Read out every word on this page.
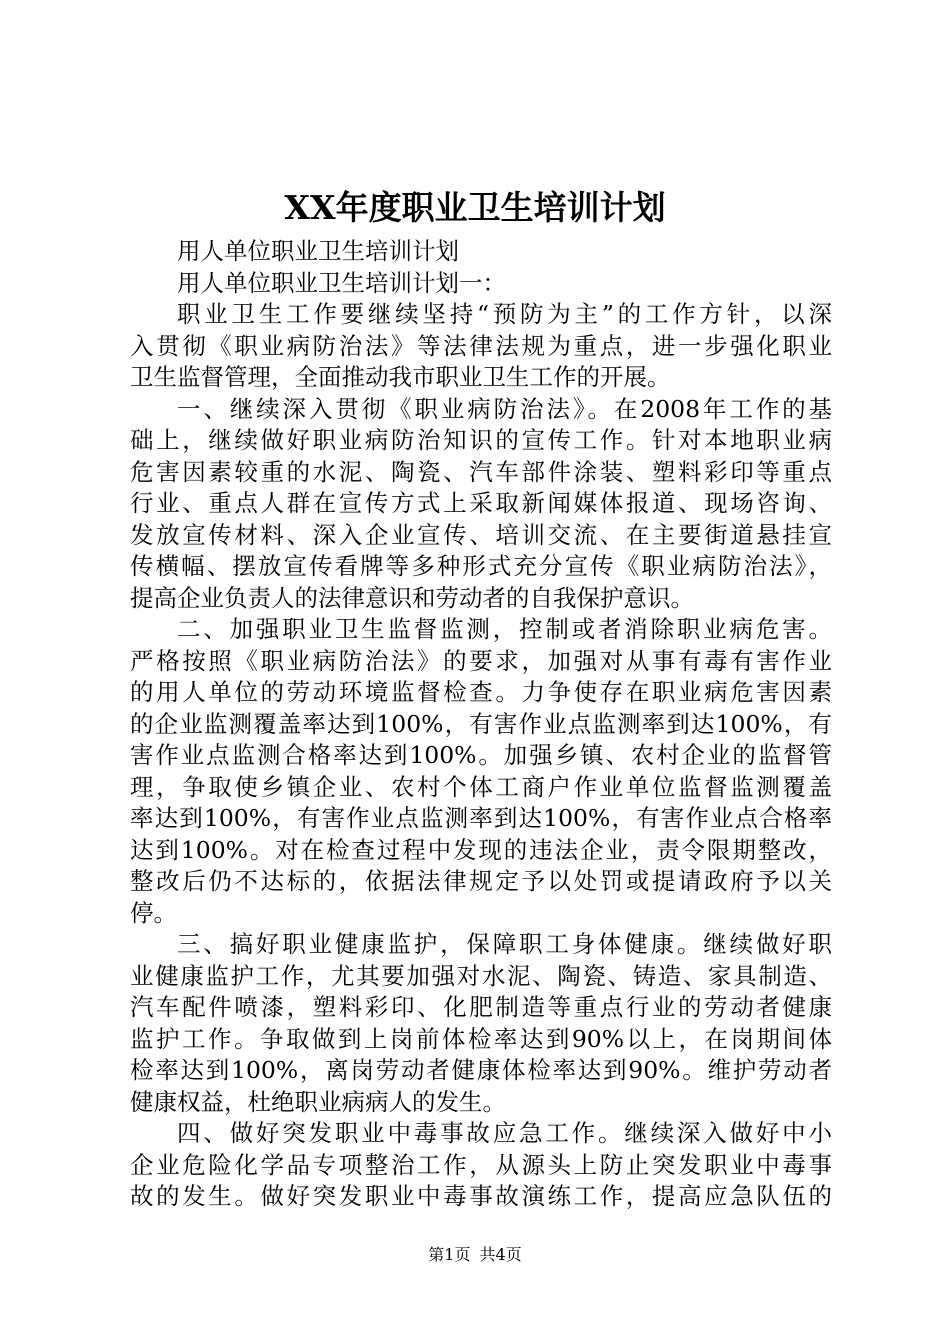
XX年度职业卫生培训计划
用人单位职业卫生培训计划
用人单位职业卫生培训计划一：
职业卫生工作要继续坚持“预防为主”的工作方针，以深
入贯彻《职业病防治法》等法律法规为重点，进一步强化职业
卫生监督管理，全面推动我市职业卫生工作的开展。
一、继续深入贯彻《职业病防治法》。在2008年工作的基
础上，继续做好职业病防治知识的宣传工作。针对本地职业病
危害因素较重的水泥、陶瓷、汽车部件涂装、塑料彩印等重点
行业、重点人群在宣传方式上采取新闻媒体报道、现场咨询、
发放宣传材料、深入企业宣传、培训交流、在主要街道悬挂宣
传横幅、摆放宣传看牌等多种形式充分宣传《职业病防治法》，
提高企业负责人的法律意识和劳动者的自我保护意识。
二、加强职业卫生监督监测，控制或者消除职业病危害。
严格按照《职业病防治法》的要求，加强对从事有毒有害作业
的用人单位的劳动环境监督检查。力争使存在职业病危害因素
的企业监测覆盖率达到100%，有害作业点监测率到达100%，有
害作业点监测合格率达到100%。加强乡镇、农村企业的监督管
理，争取使乡镇企业、农村个体工商户作业单位监督监测覆盖
率达到100%，有害作业点监测率到达100%，有害作业点合格率
达到100%。对在检查过程中发现的违法企业，责令限期整改，
整改后仍不达标的，依据法律规定予以处罚或提请政府予以关
停。
三、搞好职业健康监护，保障职工身体健康。继续做好职
业健康监护工作，尤其要加强对水泥、陶瓷、铸造、家具制造、
汽车配件喷漆，塑料彩印、化肥制造等重点行业的劳动者健康
监护工作。争取做到上岗前体检率达到90%以上，在岗期间体
检率达到100%，离岗劳动者健康体检率达到90%。维护劳动者
健康权益，杜绝职业病病人的发生。
四、做好突发职业中毒事故应急工作。继续深入做好中小
企业危险化学品专项整治工作，从源头上防止突发职业中毒事
故的发生。做好突发职业中毒事故演练工作，提高应急队伍的
第1页 共4页
